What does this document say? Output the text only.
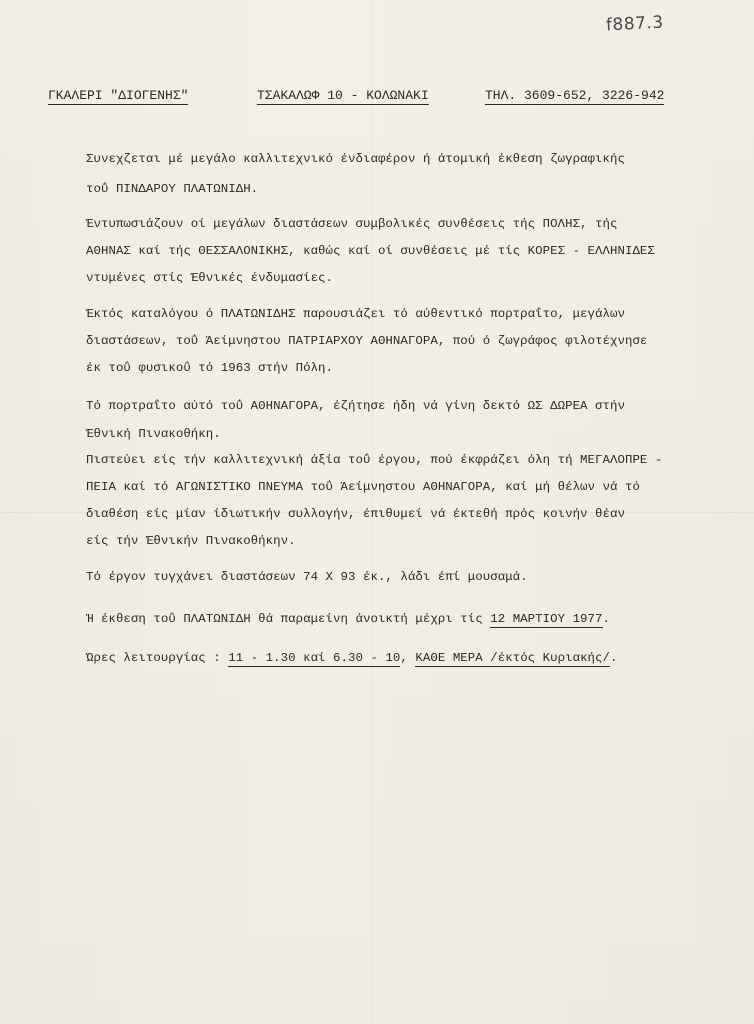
f887.3
ΓΚΑΛΕΡΙ "ΔΙΟΓΕΝΗΣ"	ΤΣΑΚΑΛΩΦ 10 - ΚΟΛΩΝΑΚΙ	ΤΗΛ. 3609-652, 3226-942
Συνεχζεται μέ μεγάλο καλλιτεχνικό ένδιαφέρον ή άτομική έκθεση ζωγραφικής
τοΰ ΠΙΝΔΑΡΟΥ ΠΛΑΤΩΝΙΔΗ.
Έντυπωσιάζουν οί μεγάλων διαστάσεων συμβολικές συνθέσεις τής ΠΟΛΗΣ, τής
ΑΘΗΝΑΣ καί τής ΘΕΣΣΑΛΟΝΙΚΗΣ, καθώς καί οί συνθέσεις μέ τίς ΚΟΡΕΣ - ΕΛΛΗΝΙΔΕΣ
ντυμένες στίς Έθνικές ένδυμασίες.
Έκτός καταλόγου ό ΠΛΑΤΩΝΙΔΗΣ παρουσιάζει τό αύθεντικό πορτραΐτο, μεγάλων
διαστάσεων, τοΰ Άείμνηστου ΠΑΤΡΙΑΡΧΟΥ ΑΘΗΝΑΓΟΡΑ, πού ό ζωγράφος φιλοτέχνησε
έκ τοΰ φυσικοΰ τό 1963 στήν Πόλη.
Τό πορτραΐτο αύτό τοΰ ΑΘΗΝΑΓΟΡΑ, έζήτησε ήδη νά γίνη δεκτό ΩΣ ΔΩΡΕΑ στήν
Έθνική Πινακοθήκη.
Πιστεύει είς τήν καλλιτεχνική άξία τοΰ έργου, πού έκφράζει όλη τή ΜΕΓΑΛΟΠΡΕ -
ΠΕΙΑ καί τό ΑΓΩΝΙΣΤΙΚΟ ΠΝΕΥΜΑ τοΰ Άείμνηστου ΑΘΗΝΑΓΟΡΑ, καί μή θέλων νά τό
διαθέση είς μίαν ίδιωτικήν συλλογήν, έπιθυμεί νά έκτεθή πρός κοινήν θέαν
είς τήν Έθνικήν Πινακοθήκην.
Τό έργον τυγχάνει διαστάσεων 74 Χ 93 έκ., λάδι έπί μουσαμά.
Ή έκθεση τοΰ ΠΛΑΤΩΝΙΔΗ θά παραμείνη άνοικτή μέχρι τίς 12 ΜΑΡΤΙΟΥ 1977.
Ώρες λειτουργίας : 11 - 1.30 καί 6.30 - 10, ΚΑΘΕ ΜΕΡΑ /έκτός Κυριακής/.
